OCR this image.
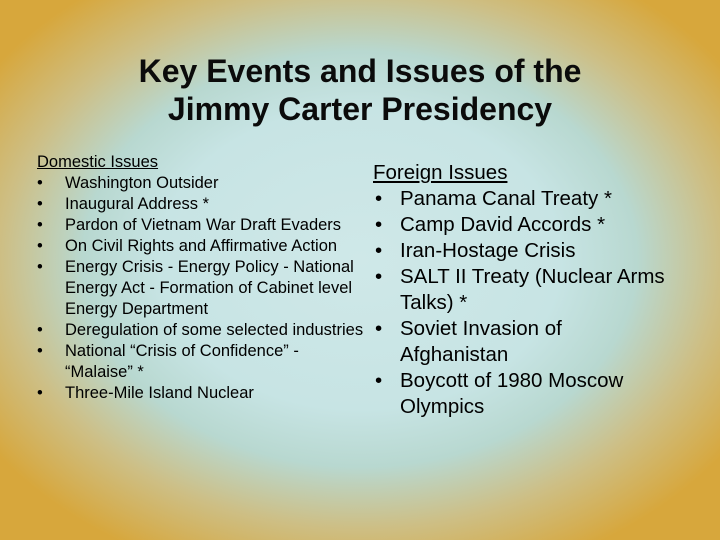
Key Events and Issues of the
Jimmy Carter Presidency
Domestic Issues
• Washington Outsider
• Inaugural Address *
• Pardon of Vietnam War Draft Evaders
• On Civil Rights and Affirmative Action
• Energy Crisis - Energy Policy - National Energy Act - Formation of Cabinet level Energy Department
• Deregulation of some selected industries
• National “Crisis of Confidence” - “Malaise” *
• Three-Mile Island Nuclear
Foreign Issues
• Panama Canal Treaty *
• Camp David Accords *
• Iran-Hostage Crisis
• SALT II Treaty (Nuclear Arms Talks) *
• Soviet Invasion of Afghanistan
• Boycott of 1980 Moscow Olympics
